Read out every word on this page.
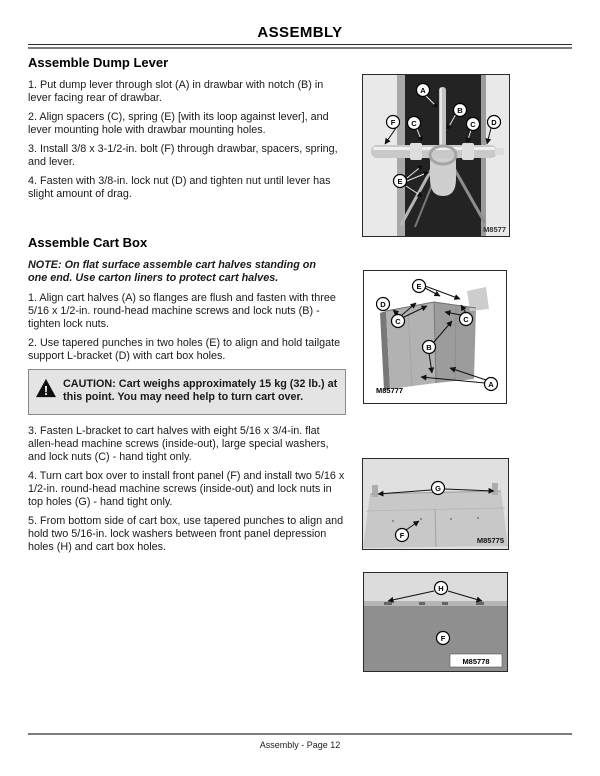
ASSEMBLY
Assemble Dump Lever

1. Put dump lever through slot (A) in drawbar with notch (B) in lever facing rear of drawbar.

2. Align spacers (C), spring (E) [with its loop against lever], and lever mounting hole with drawbar mounting holes.

3. Install 3/8 x 3-1/2-in. bolt (F) through drawbar, spacers, spring, and lever.

4. Fasten with 3/8-in. lock nut (D) and tighten nut until lever has slight amount of drag.

Assemble Cart Box

NOTE: On flat surface assemble cart halves standing on one end. Use carton liners to protect cart halves.

1. Align cart halves (A) so flanges are flush and fasten with three 5/16 x 1/2-in. round-head machine screws and lock nuts (B) - tighten lock nuts.

2. Use tapered punches in two holes (E) to align and hold tailgate support L-bracket (D) with cart box holes.

! CAUTION: Cart weighs approximately 15 kg (32 lb.) at this point. You may need help to turn cart over.

3. Fasten L-bracket to cart halves with eight 5/16 x 3/4-in. flat allen-head machine screws (inside-out), large special washers, and lock nuts (C) - hand tight only.

4. Turn cart box over to install front panel (F) and install two 5/16 x 1/2-in. round-head machine screws (inside-out) and lock nuts in top holes (G) - hand tight only.

5. From bottom side of cart box, use tapered punches to align and hold two 5/16-in. lock washers between front panel depression holes (H) and cart box holes.

A
B
C	C
F	D
E
M8577
E
D
C	C
B
A
M85777
G
F
M85775
H
F
M85778
Assembly - Page 12
